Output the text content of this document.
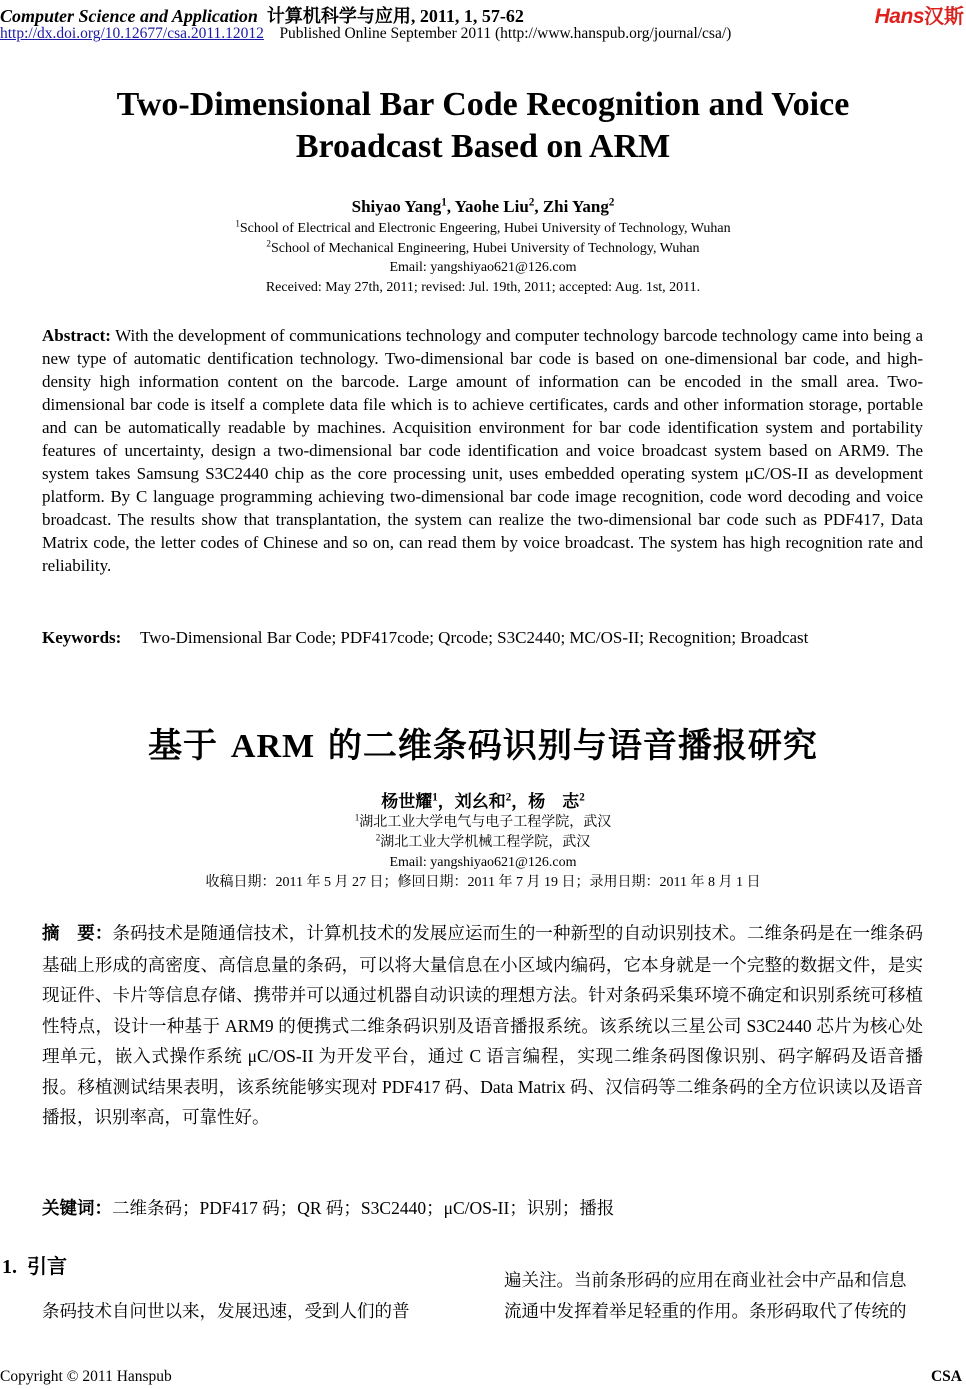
Computer Science and Application 计算机科学与应用, 2011, 1, 57-62
http://dx.doi.org/10.12677/csa.2011.12012 Published Online September 2011 (http://www.hanspub.org/journal/csa/)
Hans汉斯
Two-Dimensional Bar Code Recognition and Voice
Broadcast Based on ARM
Shiyao Yang$^1$, Yaohe Liu$^2$, Zhi Yang$^2$
$^1$School of Electrical and Electronic Engeering, Hubei University of Technology, Wuhan
$^2$School of Mechanical Engineering, Hubei University of Technology, Wuhan
Email: yangshiyao621@126.com
Received: May 27th, 2011; revised: Jul. 19th, 2011; accepted: Aug. 1st, 2011.
Abstract: With the development of communications technology and computer technology barcode technology came into being a new type of automatic dentification technology. Two-dimensional bar code is based on one-dimensional bar code, and high-density high information content on the barcode. Large amount of information can be encoded in the small area. Two-dimensional bar code is itself a complete data file which is to achieve certificates, cards and other information storage, portable and can be automatically readable by machines. Acquisition environment for bar code identification system and portability features of uncertainty, design a two-dimensional bar code identification and voice broadcast system based on ARM9. The system takes Samsung S3C2440 chip as the core processing unit, uses embedded operating system μC/OS-II as development platform. By C language programming achieving two-dimensional bar code image recognition, code word decoding and voice broadcast. The results show that transplantation, the system can realize the two-dimensional bar code such as PDF417, Data Matrix code, the letter codes of Chinese and so on, can read them by voice broadcast. The system has high recognition rate and reliability.
Keywords: Two-Dimensional Bar Code; PDF417code; Qrcode; S3C2440; MC/OS-II; Recognition; Broadcast
基于 ARM 的二维条码识别与语音播报研究
杨世耀$^1$，刘幺和$^2$，杨　志$^2$
$^1$湖北工业大学电气与电子工程学院，武汉
$^2$湖北工业大学机械工程学院，武汉
Email: yangshiyao621@126.com
收稿日期：2011 年 5 月 27 日；修回日期：2011 年 7 月 19 日；录用日期：2011 年 8 月 1 日
摘　要：条码技术是随通信技术，计算机技术的发展应运而生的一种新型的自动识别技术。二维条码是在一维条码基础上形成的高密度、高信息量的条码，可以将大量信息在小区域内编码，它本身就是一个完整的数据文件，是实现证件、卡片等信息存储、携带并可以通过机器自动识读的理想方法。针对条码采集环境不确定和识别系统可移植性特点，设计一种基于 ARM9 的便携式二维条码识别及语音播报系统。该系统以三星公司 S3C2440 芯片为核心处理单元，嵌入式操作系统 μC/OS-II 为开发平台，通过 C 语言编程，实现二维条码图像识别、码字解码及语音播报。移植测试结果表明，该系统能够实现对 PDF417 码、Data Matrix 码、汉信码等二维条码的全方位识读以及语音播报，识别率高，可靠性好。
关键词：二维条码；PDF417 码；QR 码；S3C2440；μC/OS-II；识别；播报
1. 引言
条码技术自问世以来，发展迅速，受到人们的普
遍关注。当前条形码的应用在商业社会中产品和信息
流通中发挥着举足轻重的作用。条形码取代了传统的
Copyright © 2011 Hanspub	CSA
